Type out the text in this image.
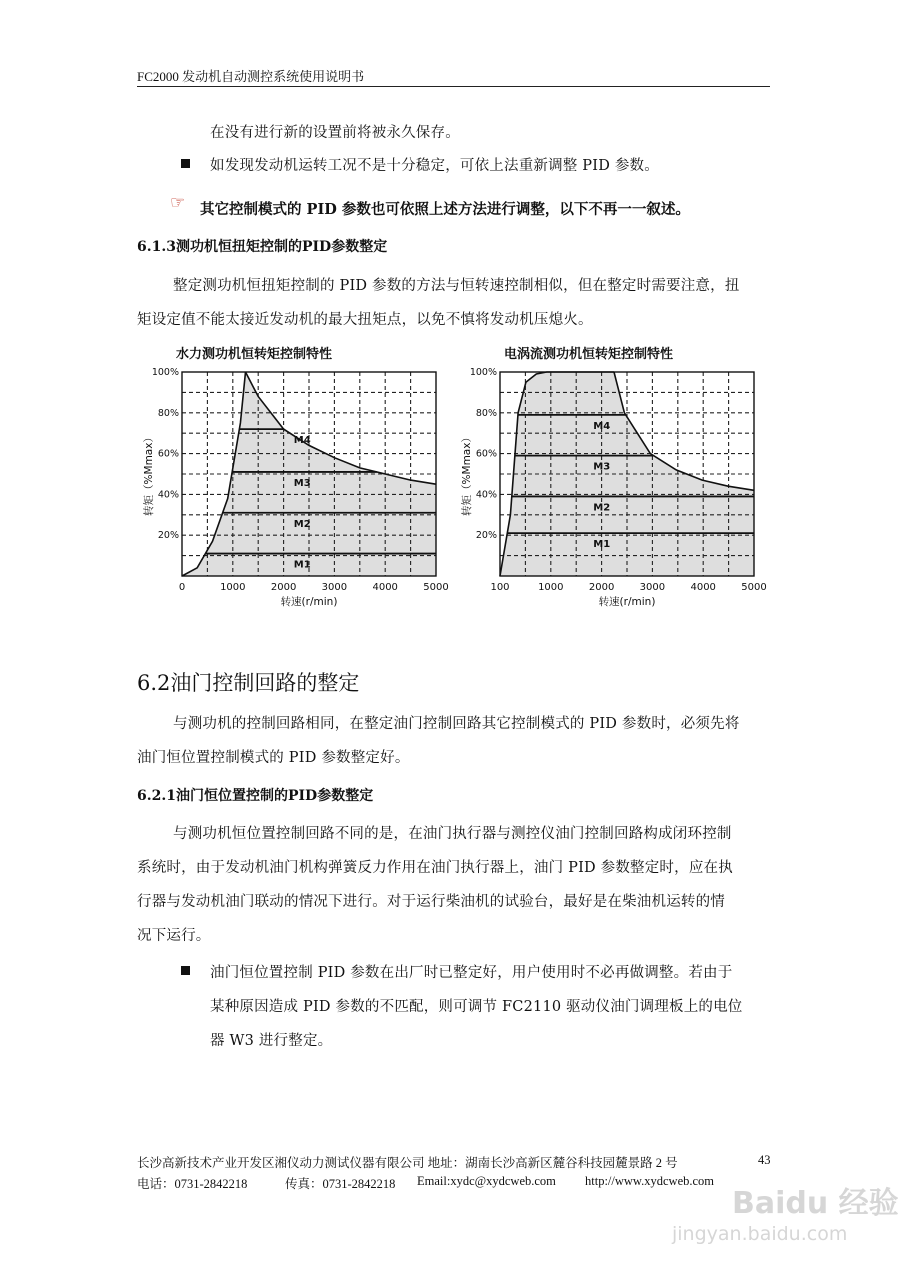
FC2000 发动机自动测控系统使用说明书
在没有进行新的设置前将被永久保存。
如发现发动机运转工况不是十分稳定，可依上法重新调整 PID 参数。
☞ 其它控制模式的 PID 参数也可依照上述方法进行调整，以下不再一一叙述。
6.1.3测功机恒扭矩控制的PID参数整定
整定测功机恒扭矩控制的 PID 参数的方法与恒转速控制相似，但在整定时需要注意，扭
矩设定值不能太接近发动机的最大扭矩点，以免不慎将发动机压熄火。
水力测功机恒转矩控制特性
M4
M3
M2
M1
0	1000	2000	3000	4000	5000
20%
40%
60%
80%
100%
转速(r/min)
转矩（%Mmax）
电涡流测功机恒转矩控制特性
M4
M3
M2
M1
100	1000	2000	3000	4000	5000
20%
40%
60%
80%
100%
转速(r/min)
转矩（%Mmax）
6.2油门控制回路的整定
与测功机的控制回路相同，在整定油门控制回路其它控制模式的 PID 参数时，必须先将
油门恒位置控制模式的 PID 参数整定好。
6.2.1油门恒位置控制的PID参数整定
与测功机恒位置控制回路不同的是，在油门执行器与测控仪油门控制回路构成闭环控制
系统时，由于发动机油门机构弹簧反力作用在油门执行器上，油门 PID 参数整定时，应在执
行器与发动机油门联动的情况下进行。对于运行柴油机的试验台，最好是在柴油机运转的情
况下运行。
油门恒位置控制 PID 参数在出厂时已整定好，用户使用时不必再做调整。若由于
某种原因造成 PID 参数的不匹配，则可调节 FC2110 驱动仪油门调理板上的电位
器 W3 进行整定。
长沙高新技术产业开发区湘仪动力测试仪器有限公司 地址：湖南长沙高新区麓谷科技园麓景路 2 号	43
电话：0731-2842218	传真：0731-2842218 Email:xydc@xydcweb.com http://www.xydcweb.com
Baidu 经验
jingyan.baidu.com
